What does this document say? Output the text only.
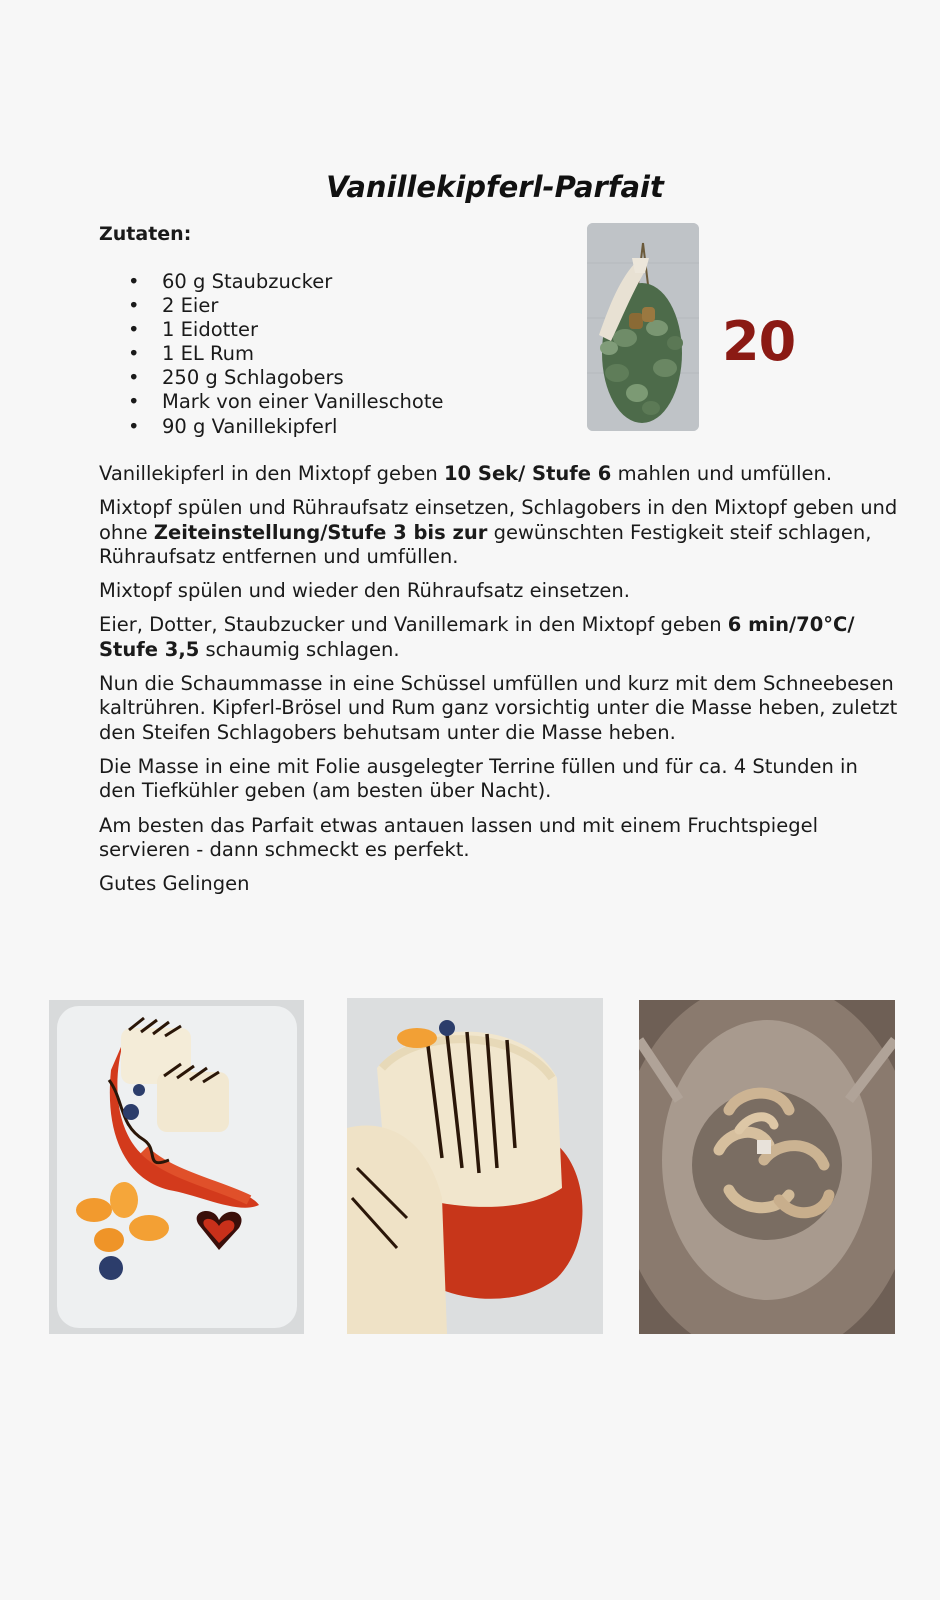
Vanillekipferl-Parfait
Zutaten:
• 60 g Staubzucker
• 2 Eier
• 1 Eidotter
• 1 EL Rum
• 250 g Schlagobers
• Mark von einer Vanilleschote
• 90 g Vanillekipferl
20

Vanillekipferl in den Mixtopf geben 10 Sek/ Stufe 6 mahlen und umfüllen.

Mixtopf spülen und Rühraufsatz einsetzen, Schlagobers in den Mixtopf geben und ohne Zeiteinstellung/Stufe 3 bis zur gewünschten Festigkeit steif schlagen, Rühraufsatz entfernen und umfüllen.

Mixtopf spülen und wieder den Rühraufsatz einsetzen.

Eier, Dotter, Staubzucker und Vanillemark in den Mixtopf geben 6 min/70°C/ Stufe 3,5 schaumig schlagen.

Nun die Schaummasse in eine Schüssel umfüllen und kurz mit dem Schneebesen kaltrühren. Kipferl-Brösel und Rum ganz vorsichtig unter die Masse heben, zuletzt den Steifen Schlagobers behutsam unter die Masse heben.

Die Masse in eine mit Folie ausgelegter Terrine füllen und für ca. 4 Stunden in den Tiefkühler geben (am besten über Nacht).

Am besten das Parfait etwas antauen lassen und mit einem Fruchtspiegel servieren - dann schmeckt es perfekt.

Gutes Gelingen
